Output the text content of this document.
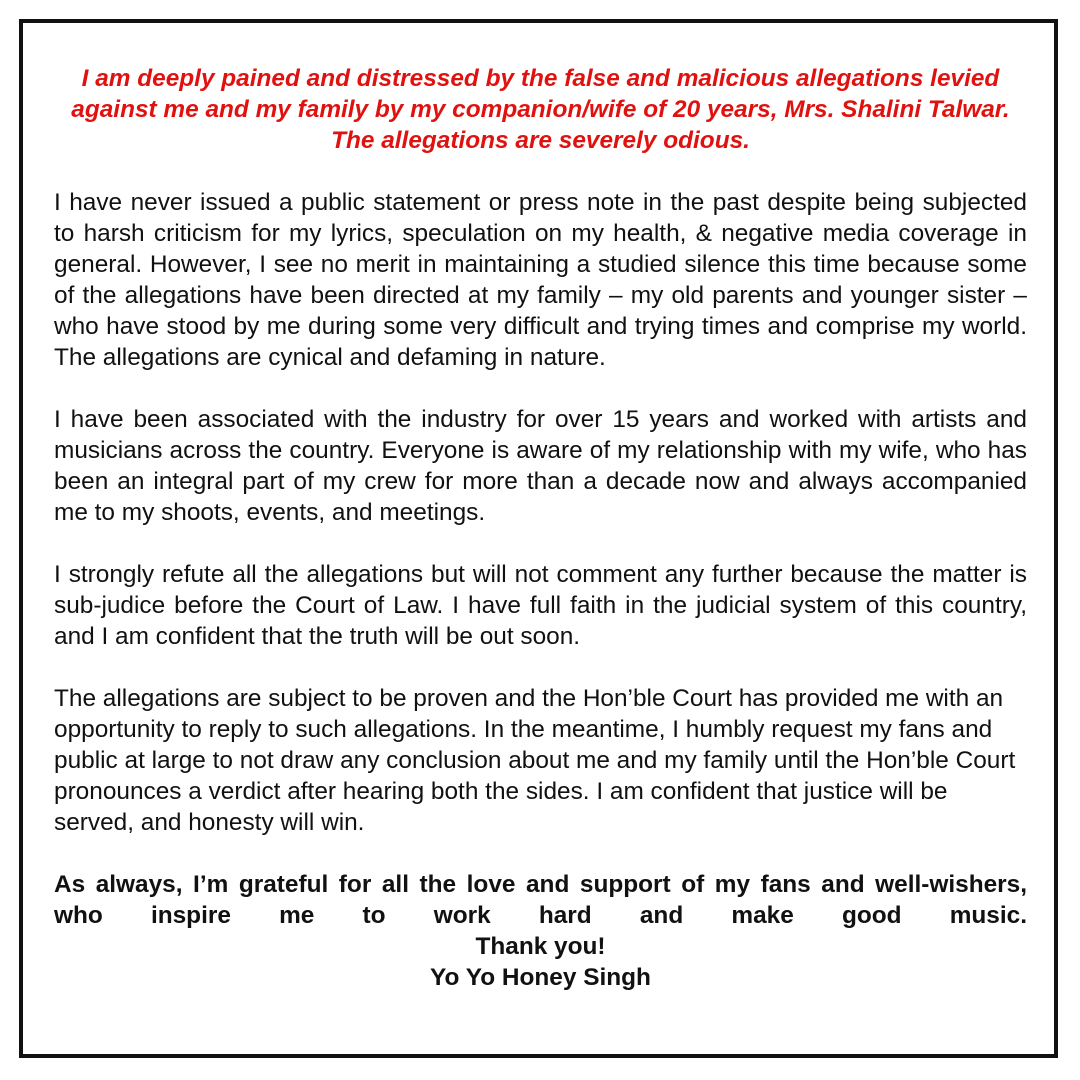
I am deeply pained and distressed by the false and malicious allegations levied against me and my family by my companion/wife of 20 years, Mrs. Shalini Talwar. The allegations are severely odious.

I have never issued a public statement or press note in the past despite being subjected to harsh criticism for my lyrics, speculation on my health, & negative media coverage in general. However, I see no merit in maintaining a studied silence this time because some of the allegations have been directed at my family – my old parents and younger sister – who have stood by me during some very difficult and trying times and comprise my world. The allegations are cynical and defaming in nature.

I have been associated with the industry for over 15 years and worked with artists and musicians across the country. Everyone is aware of my relationship with my wife, who has been an integral part of my crew for more than a decade now and always accompanied me to my shoots, events, and meetings.

I strongly refute all the allegations but will not comment any further because the matter is sub-judice before the Court of Law. I have full faith in the judicial system of this country, and I am confident that the truth will be out soon.

The allegations are subject to be proven and the Hon’ble Court has provided me with an opportunity to reply to such allegations. In the meantime, I humbly request my fans and public at large to not draw any conclusion about me and my family until the Hon’ble Court pronounces a verdict after hearing both the sides. I am confident that justice will be served, and honesty will win.

As always, I’m grateful for all the love and support of my fans and well-wishers, who inspire me to work hard and make good music.

Thank you!

Yo Yo Honey Singh
